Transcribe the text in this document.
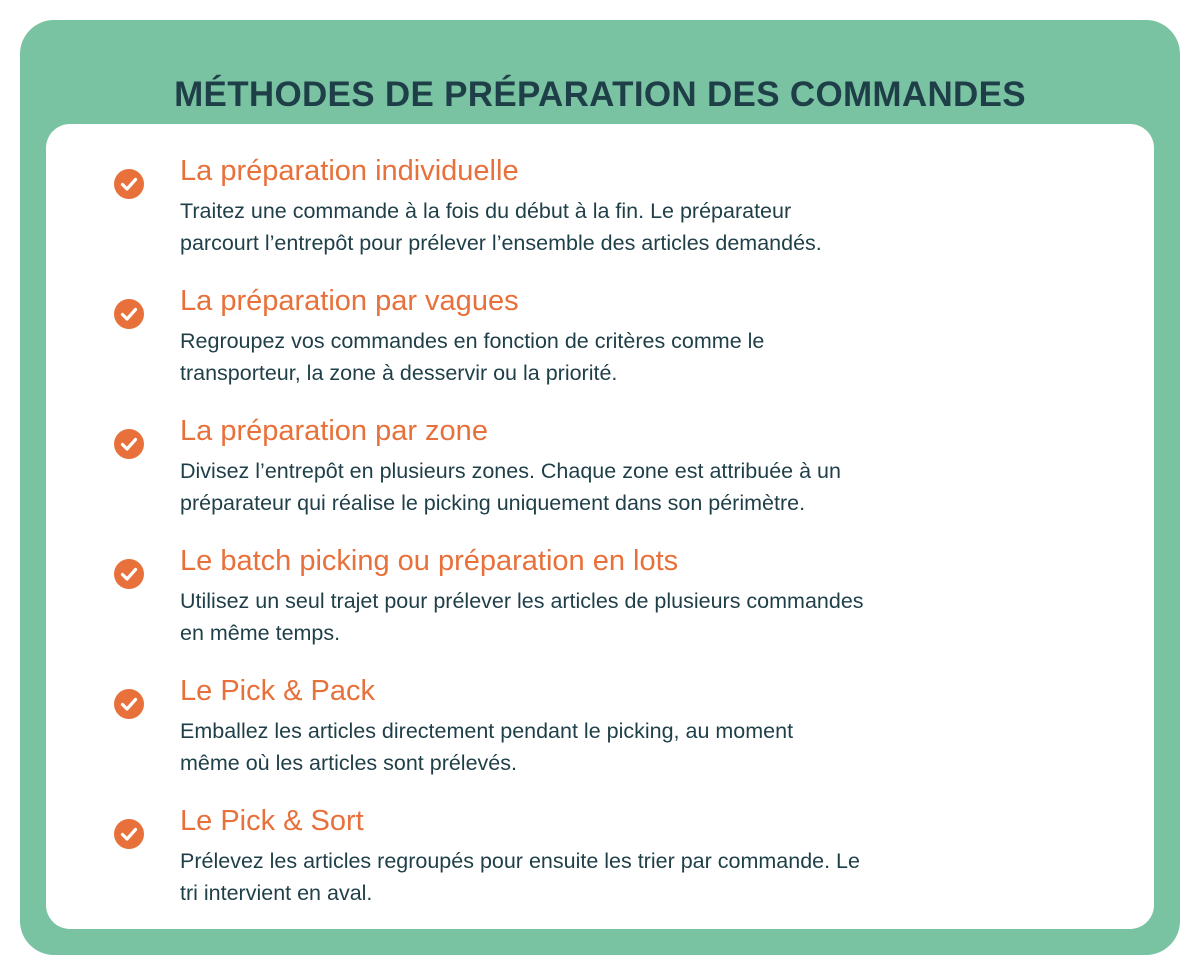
MÉTHODES DE PRÉPARATION DES COMMANDES
La préparation individuelle

Traitez une commande à la fois du début à la fin. Le préparateur
parcourt l’entrepôt pour prélever l’ensemble des articles demandés.

La préparation par vagues

Regroupez vos commandes en fonction de critères comme le
transporteur, la zone à desservir ou la priorité.

La préparation par zone

Divisez l’entrepôt en plusieurs zones. Chaque zone est attribuée à un
préparateur qui réalise le picking uniquement dans son périmètre.

Le batch picking ou préparation en lots

Utilisez un seul trajet pour prélever les articles de plusieurs commandes
en même temps.

Le Pick & Pack

Emballez les articles directement pendant le picking, au moment
même où les articles sont prélevés.

Le Pick & Sort

Prélevez les articles regroupés pour ensuite les trier par commande. Le
tri intervient en aval.
